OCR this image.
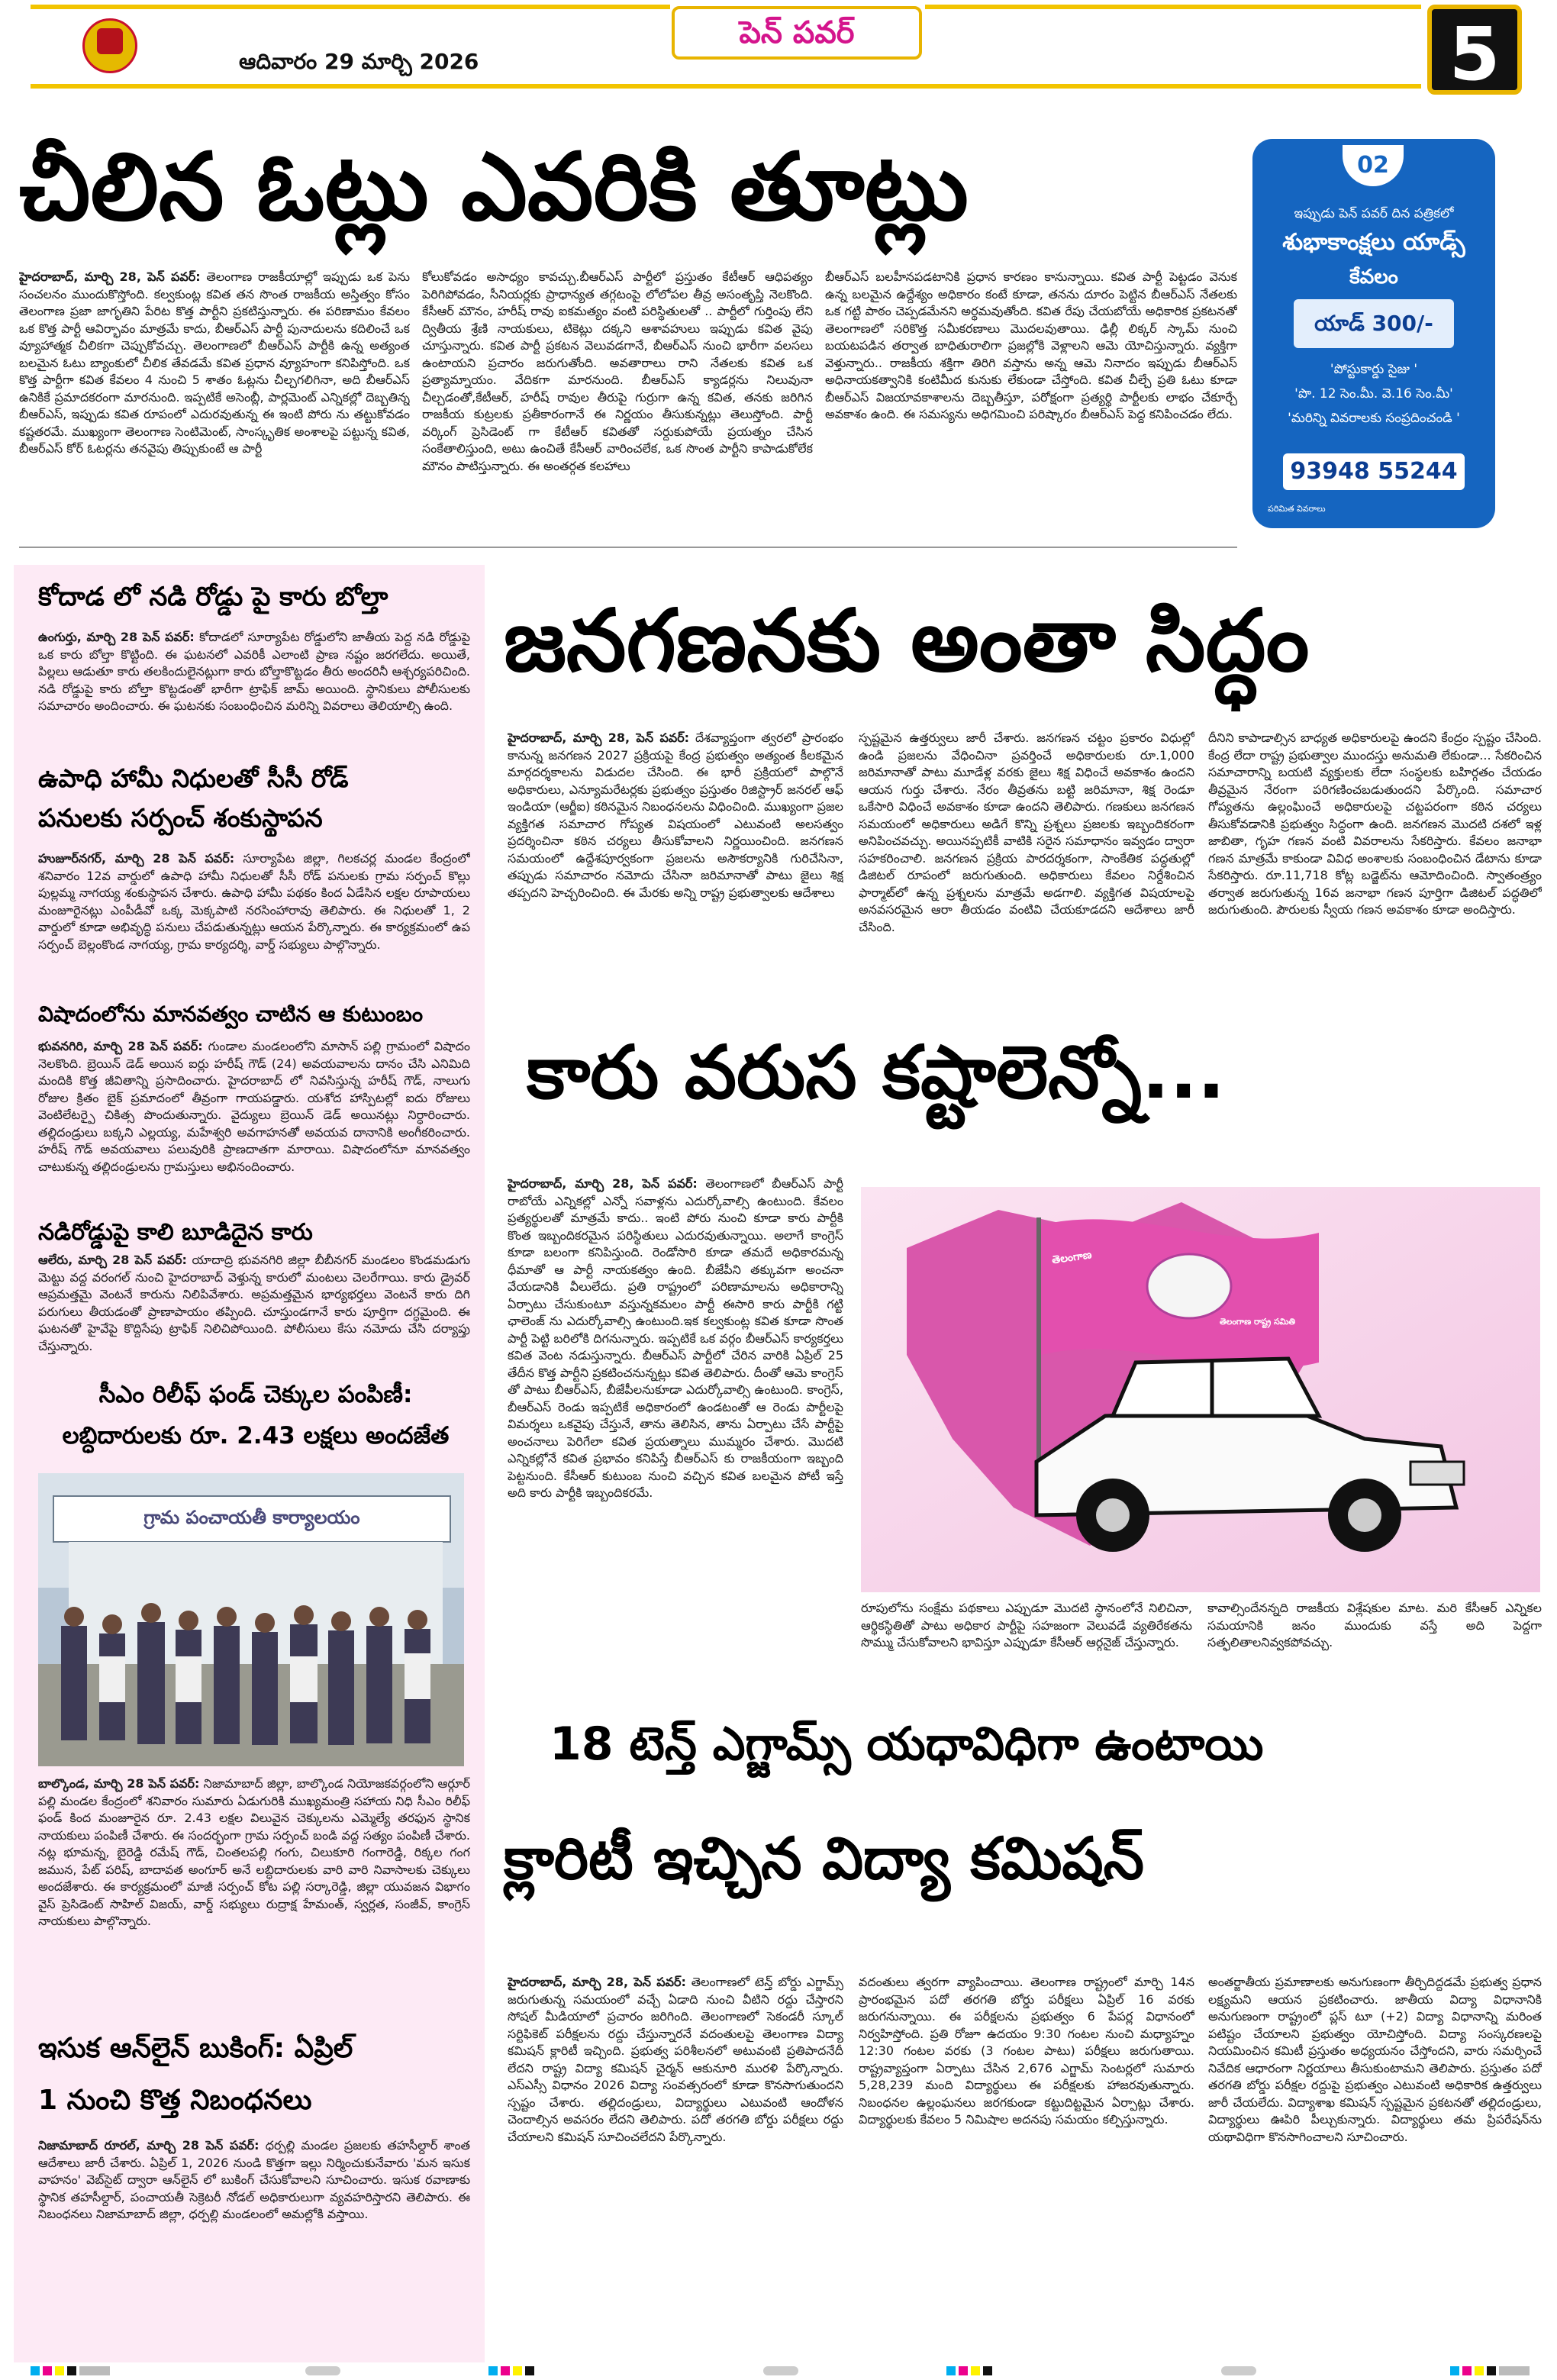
ఆదివారం 29 మార్చి 2026
పెన్ పవర్	5
చీలిన ఓట్లు ఎవరికి తూట్లు
హైదరాబాద్, మార్చి 28, పెన్ పవర్: తెలంగాణ రాజకీయాల్లో ఇప్పుడు ఒక పెను సంచలనం ముందుకొస్తోంది. కల్వకుంట్ల కవిత తన సొంత రాజకీయ అస్తిత్వం కోసం తెలంగాణ ప్రజా జాగృతిని పేరిట కొత్త పార్టీని ప్రకటిస్తున్నారు. ఈ పరిణామం కేవలం ఒక కొత్త పార్టీ ఆవిర్భావం మాత్రమే కాదు, బీఆర్ఎస్ పార్టీ పునాదులను కదిలించే ఒక వ్యూహాత్మక చీలికగా చెప్పుకోవచ్చు. తెలంగాణలో బీఆర్ఎస్ పార్టీకి ఉన్న అత్యంత బలమైన ఓటు బ్యాంకులో చీలిక తేవడమే కవిత ప్రధాన వ్యూహంగా కనిపిస్తోంది. ఒక కొత్త పార్టీగా కవిత కేవలం 4 నుంచి 5 శాతం ఓట్లను చీల్చగలిగినా, అది బీఆర్ఎస్ ఉనికికే ప్రమాదకరంగా మారనుంది. ఇప్పటికే అసెంబ్లీ, పార్లమెంట్ ఎన్నికల్లో దెబ్బతిన్న బీఆర్ఎస్, ఇప్పుడు కవిత రూపంలో ఎదురవుతున్న ఈ ఇంటి పోరు ను తట్టుకోవడం కష్టతరమే. ముఖ్యంగా తెలంగాణ సెంటిమెంట్, సాంస్కృతిక అంశాలపై పట్టున్న కవిత, బీఆర్ఎస్ కోర్ ఓటర్లను తనవైపు తిప్పుకుంటే ఆ పార్టీ
కోలుకోవడం అసాధ్యం కావచ్చు.బీఆర్ఎస్ పార్టీలో ప్రస్తుతం కేటీఆర్ ఆధిపత్యం పెరిగిపోవడం, సీనియర్లకు ప్రాధాన్యత తగ్గటంపై లోలోపల తీవ్ర అసంతృప్తి నెలకొంది. కేసీఆర్ మౌనం, హరీష్ రావు ఐకమత్యం వంటి పరిస్థితులతో .. పార్టీలో గుర్తింపు లేని ద్వితీయ శ్రేణి నాయకులు, టికెట్లు దక్కని ఆశావహులు ఇప్పుడు కవిత వైపు చూస్తున్నారు. కవిత పార్టీ ప్రకటన వెలువడగానే, బీఆర్ఎస్ నుంచి భారీగా వలసలు ఉంటాయని ప్రచారం జరుగుతోంది. అవతారాలు రాని నేతలకు కవిత ఒక ప్రత్యామ్నాయం. వేదికగా మారనుంది. బీఆర్ఎస్ క్యాడర్లను నిలువునా చీల్చడంతో,కేటీఆర్, హరీష్ రావుల తీరుపై గుర్రుగా ఉన్న కవిత, తనకు జరిగిన రాజకీయ కుట్రలకు ప్రతీకారంగానే ఈ నిర్ణయం తీసుకున్నట్లు తెలుస్తోంది. పార్టీ వర్కింగ్ ప్రెసిడెంట్ గా కేటీఆర్ కవితతో సర్దుకుపోయే ప్రయత్నం చేసిన సంకేతాలిస్తుంది, అటు ఉంచితే కేసీఆర్ వారించలేక, ఒక సొంత పార్టీని కాపాడుకోలేక మౌనం పాటిస్తున్నారు. ఈ అంతర్గత కలహాలు
బీఆర్ఎస్ బలహీనపడటానికి ప్రధాన కారణం కానున్నాయి. కవిత పార్టీ పెట్టడం వెనుక ఉన్న బలమైన ఉద్దేశ్యం అధికారం కంటే కూడా, తనను దూరం పెట్టిన బీఆర్ఎస్ నేతలకు ఒక గట్టి పాఠం చెప్పడమేనని అర్థమవుతోంది. కవిత రేపు చేయబోయే అధికారిక ప్రకటనతో తెలంగాణలో సరికొత్త సమీకరణాలు మొదలవుతాయి. ఢిల్లీ లిక్కర్ స్కామ్ నుంచి బయటపడిన తర్వాత బాధితురాలిగా ప్రజల్లోకి వెళ్లాలని ఆమె యోచిస్తున్నారు. వ్యక్తిగా వెళ్తున్నారు.. రాజకీయ శక్తిగా తిరిగి వస్తాను అన్న ఆమె నినాదం ఇప్పుడు బీఆర్ఎస్ అధినాయకత్వానికి కంటిమీద కునుకు లేకుండా చేస్తోంది. కవిత చీల్చే ప్రతి ఓటు కూడా బీఆర్ఎస్ విజయావకాశాలను దెబ్బతీస్తూ, పరోక్షంగా ప్రత్యర్థి పార్టీలకు లాభం చేకూర్చే అవకాశం ఉంది. ఈ సమస్యను అధిగమించి పరిష్కారం బీఆర్ఎస్ పెద్ద కనిపించడం లేదు.
02
ఇప్పుడు పెన్ పవర్ దిన పత్రికలో
శుభాకాంక్షలు యాడ్స్
కేవలం
యాడ్ 300/-
'పోస్టుకార్డు సైజు '
'పొ. 12 సెం.మీ. వె.16 సెం.మీ'
'మరిన్ని వివరాలకు సంప్రదించండి '
93948 55244
పరిమిత వివరాలు
కోదాడ లో నడి రోడ్డు పై కారు బోల్తా
ఉంగుర్తు, మార్చి 28 పెన్ పవర్: కోదాడలో సూర్యాపేట రోడ్డులోని జాతీయ పెద్ద నడి రోడ్డుపై ఒక కారు బోల్తా కొట్టింది. ఈ ఘటనలో ఎవరికీ ఎలాంటి ప్రాణ నష్టం జరగలేదు. అయితే, పిల్లలు ఆడుతూ కారు తలకిందులైనట్లుగా కారు బోల్తాకొట్టడం తీరు అందరినీ ఆశ్చర్యపరిచింది. నడి రోడ్డుపై కారు బోల్తా కొట్టడంతో భారీగా ట్రాఫిక్ జామ్ అయింది. స్థానికులు పోలీసులకు సమాచారం అందించారు. ఈ ఘటనకు సంబంధించిన మరిన్ని వివరాలు తెలియాల్సి ఉంది.
ఉపాధి హామీ నిధులతో సీసీ రోడ్
పనులకు సర్పంచ్ శంకుస్థాపన
హుజూర్‌నగర్, మార్చి 28 పెన్ పవర్: సూర్యాపేట జిల్లా, గిలకచర్ల మండల కేంద్రంలో శనివారం 12వ వార్డులో ఉపాధి హామీ నిధులతో సీసీ రోడ్ పనులకు గ్రామ సర్పంచ్ కొల్లు పుల్లమ్మ నాగయ్య శంకుస్థాపన చేశారు. ఉపాధి హామీ పథకం కింద ఏడేసిన లక్షల రూపాయలు మంజూరైనట్లు ఎంపీడీవో ఒక్క మెక్కపాటి నరసింహారావు తెలిపారు. ఈ నిధులతో 1, 2 వార్డులో కూడా అభివృద్ధి పనులు చేపడుతున్నట్లు ఆయన పేర్కొన్నారు. ఈ కార్యక్రమంలో ఉప సర్పంచ్ బెల్లంకొండ నాగయ్య, గ్రామ కార్యదర్శి, వార్డ్ సభ్యులు పాల్గొన్నారు.
విషాదంలోను మానవత్వం చాటిన ఆ కుటుంబం
భువనగిరి, మార్చి 28 పెన్ పవర్: గుండాల మండలంలోని మాసాన్ పల్లి గ్రామంలో విషాదం నెలకొంది. బ్రెయిన్ డెడ్ అయిన ఐర్లు హరీష్ గౌడ్ (24) అవయవాలను దానం చేసి ఎనిమిది మందికి కొత్త జీవితాన్ని ప్రసాదించారు. హైదరాబాద్ లో నివసిస్తున్న హరీష్ గౌడ్, నాలుగు రోజుల క్రితం బైక్ ప్రమాదంలో తీవ్రంగా గాయపడ్డారు. యశోద హాస్పిటల్లో ఐదు రోజులు వెంటిలేటర్పై చికిత్స పొందుతున్నారు. వైద్యులు బ్రెయిన్ డెడ్ అయినట్లు నిర్ధారించారు. తల్లిదండ్రులు బక్కని ఎల్లయ్య, మహేశ్వరి అవగాహనతో అవయవ దానానికి అంగీకరించారు. హరీష్ గౌడ్ అవయవాలు పలువురికి ప్రాణదాతగా మారాయి. విషాదంలోనూ మానవత్వం చాటుకున్న తల్లిదండ్రులను గ్రామస్తులు అభినందించారు.
నడిరోడ్డుపై కాలి బూడిదైన కారు
ఆలేరు, మార్చి 28 పెన్ పవర్: యాదాద్రి భువనగిరి జిల్లా బీబీనగర్ మండలం కొండమడుగు మెట్టు వద్ద వరంగల్ నుంచి హైదరాబాద్ వెళ్తున్న కారులో మంటలు చెలరేగాయి. కారు డ్రైవర్ ఆప్రమత్తమై వెంటనే కారును నిలిపివేశారు. అప్రమత్తమైన భార్యభర్తలు వెంటనే కారు దిగి పరుగులు తీయడంతో ప్రాణాపాయం తప్పింది. చూస్తుండగానే కారు పూర్తిగా దగ్ధమైంది. ఈ ఘటనతో హైవేపై కొద్దిసేపు ట్రాఫిక్ నిలిచిపోయింది. పోలీసులు కేసు నమోదు చేసి దర్యాప్తు చేస్తున్నారు.
సీఎం రిలీఫ్ ఫండ్ చెక్కుల పంపిణీ:
లబ్ధిదారులకు రూ. 2.43 లక్షలు అందజేత
గ్రామ పంచాయతీ కార్యాలయం
బాల్కొండ, మార్చి 28 పెన్ పవర్: నిజామాబాద్ జిల్లా, బాల్కొండ నియోజకవర్గంలోని ఆర్గూర్ పల్లి మండల కేంద్రంలో శనివారం సుమారు ఏడుగురికి ముఖ్యమంత్రి సహాయ నిధి సీఎం రిలీఫ్ ఫండ్ కింద మంజూరైన రూ. 2.43 లక్షల విలువైన చెక్కులను ఎమ్మెల్యే తరఫున స్థానిక నాయకులు పంపిణీ చేశారు. ఈ సందర్భంగా గ్రామ సర్పంచ్ బండి వద్ద సత్యం పంపిణీ చేశారు. నట్ల భూమన్న, బైరెడ్డి రమేష్ గౌడ్, చింతలపల్లి గంగు, చిలుకూరి గంగారెడ్డి, రిక్కల గంగ జమున, పేట్ పరిష్, బాదావత అంగూర్ అనే లబ్ధిదారులకు వారి వారి నివాసాలకు చెక్కులు అందజేశారు. ఈ కార్యక్రమంలో మాజీ సర్పంచ్ కోట పల్లి సర్కారెడ్డి, జిల్లా యువజన విభాగం వైస్ ప్రెసిడెంట్ సాహిల్ విజయ్, వార్డ్ సభ్యులు రుద్రాక్ష హేమంత్, స్వర్లత, సంజీవ్, కాంగ్రెస్ నాయకులు పాల్గొన్నారు.
ఇసుక ఆన్‌లైన్ బుకింగ్: ఏప్రిల్
1 నుంచి కొత్త నిబంధనలు
నిజామాబాద్ రూరల్, మార్చి 28 పెన్ పవర్: ధర్పల్లి మండల ప్రజలకు తహసీల్దార్ శాంత ఆదేశాలు జారీ చేశారు. ఏప్రిల్ 1, 2026 నుండి కొత్తగా ఇల్లు నిర్మించుకునేవారు 'మన ఇసుక వాహనం' వెబ్‌సైట్ ద్వారా ఆన్‌లైన్ లో బుకింగ్ చేసుకోవాలని సూచించారు. ఇసుక రవాణాకు స్థానిక తహసీల్దార్, పంచాయతీ సెక్రెటరీ నోడల్ అధికారులుగా వ్యవహరిస్తారని తెలిపారు. ఈ నిబంధనలు నిజామాబాద్ జిల్లా, ధర్పల్లి మండలంలో అమల్లోకి వస్తాయి.
జనగణనకు అంతా సిద్ధం
హైదరాబాద్, మార్చి 28, పెన్ పవర్: దేశవ్యాప్తంగా త్వరలో ప్రారంభం కానున్న జనగణన 2027 ప్రక్రియపై కేంద్ర ప్రభుత్వం అత్యంత కీలకమైన మార్గదర్శకాలను విడుదల చేసింది. ఈ భారీ ప్రక్రియలో పాల్గొనే అధికారులు, ఎన్యూమరేటర్లకు ప్రభుత్వం ప్రస్తుతం రిజిస్ట్రార్ జనరల్ ఆఫ్ ఇండియా (ఆర్జీఐ) కఠినమైన నిబంధనలను విధించింది. ముఖ్యంగా ప్రజల వ్యక్తిగత సమాచార గోప్యత విషయంలో ఎటువంటి అలసత్వం ప్రదర్శించినా కఠిన చర్యలు తీసుకోవాలని నిర్ణయించింది. జనగణన సమయంలో ఉద్దేశపూర్వకంగా ప్రజలను అసౌకర్యానికి గురిచేసినా, తప్పుడు సమాచారం నమోదు చేసినా జరిమానాతో పాటు జైలు శిక్ష తప్పదని హెచ్చరించింది. ఈ మేరకు అన్ని రాష్ట్ర ప్రభుత్వాలకు ఆదేశాలు
స్పష్టమైన ఉత్తర్వులు జారీ చేశారు. జనగణన చట్టం ప్రకారం విధుల్లో ఉండి ప్రజలను వేధించినా ప్రవర్తించే అధికారులకు రూ.1,000 జరిమానాతో పాటు మూడేళ్ల వరకు జైలు శిక్ష విధించే అవకాశం ఉందని ఆయన గుర్తు చేశారు. నేరం తీవ్రతను బట్టి జరిమానా, శిక్ష రెండూ ఒకేసారి విధించే అవకాశం కూడా ఉందని తెలిపారు. గణకులు జనగణన సమయంలో అధికారులు అడిగే కొన్ని ప్రశ్నలు ప్రజలకు ఇబ్బందికరంగా అనిపించవచ్చు. అయినప్పటికీ వాటికి సరైన సమాధానం ఇవ్వడం ద్వారా సహకరించాలి. జనగణన ప్రక్రియ పారదర్శకంగా, సాంకేతిక పద్ధతుల్లో డిజిటల్ రూపంలో జరుగుతుంది. అధికారులు కేవలం నిర్దేశించిన ఫార్మాట్‌లో ఉన్న ప్రశ్నలను మాత్రమే అడగాలి. వ్యక్తిగత విషయాలపై అనవసరమైన ఆరా తీయడం వంటివి చేయకూడదని ఆదేశాలు జారీ చేసింది.
దీనిని కాపాడాల్సిన బాధ్యత అధికారులపై ఉందని కేంద్రం స్పష్టం చేసింది. కేంద్ర లేదా రాష్ట్ర ప్రభుత్వాల ముందస్తు అనుమతి లేకుండా... సేకరించిన సమాచారాన్ని బయటి వ్యక్తులకు లేదా సంస్థలకు బహిర్గతం చేయడం తీవ్రమైన నేరంగా పరిగణించబడుతుందని పేర్కొంది. సమాచార గోప్యతను ఉల్లంఘించే అధికారులపై చట్టపరంగా కఠిన చర్యలు తీసుకోవడానికి ప్రభుత్వం సిద్ధంగా ఉంది. జనగణన మొదటి దశలో ఇళ్ల జాబితా, గృహ గణన వంటి వివరాలను సేకరిస్తారు. కేవలం జనాభా గణన మాత్రమే కాకుండా వివిధ అంశాలకు సంబంధించిన డేటాను కూడా సేకరిస్తారు. రూ.11,718 కోట్ల బడ్జెట్‌ను ఆమోదించింది. స్వాతంత్ర్యం తర్వాత జరుగుతున్న 16వ జనాభా గణన పూర్తిగా డిజిటల్ పద్ధతిలో జరుగుతుంది. పౌరులకు స్వీయ గణన అవకాశం కూడా అందిస్తారు.
కారు వరుస కష్టాలెన్నో...
హైదరాబాద్, మార్చి 28, పెన్ పవర్: తెలంగాణలో బీఆర్ఎస్ పార్టీ రాబోయే ఎన్నికల్లో ఎన్నో సవాళ్లను ఎదుర్కోవాల్సి ఉంటుంది. కేవలం ప్రత్యర్థులతో మాత్రమే కాదు.. ఇంటి పోరు నుంచి కూడా కారు పార్టీకి కొంత ఇబ్బందికరమైన పరిస్థితులు ఎదురవుతున్నాయి. అలాగే కాంగ్రెస్ కూడా బలంగా కనిపిస్తుంది. రెండోసారి కూడా తమదే అధికారమన్న ధీమాతో ఆ పార్టీ నాయకత్వం ఉంది. బీజేపీని తక్కువగా అంచనా వేయడానికి వీలులేదు. ప్రతి రాష్ట్రంలో పరిణామాలను అధికారాన్ని ఏర్పాటు చేసుకుంటూ వస్తున్నకమలం పార్టీ ఈసారి కారు పార్టీకి గట్టి ఛాలెంజ్ ను ఎదుర్కోవాల్సి ఉంటుంది.ఇక కల్వకుంట్ల కవిత కూడా సొంత పార్టీ పెట్టి బరిలోకి దిగనున్నారు. ఇప్పటికే ఒక వర్గం బీఆర్ఎస్ కార్యకర్తలు కవిత వెంట నడుస్తున్నారు. బీఆర్ఎస్ పార్టీలో చేరిన వారికి ఏప్రిల్ 25 తేదీన కొత్త పార్టీని ప్రకటించనున్నట్లు కవిత తెలిపారు. దీంతో ఆమె కాంగ్రెస్ తో పాటు బీఆర్ఎస్, బీజేపీలనుకూడా ఎదుర్కోవాల్సి ఉంటుంది. కాంగ్రెస్, బీఆర్ఎస్ రెండు ఇప్పటికే అధికారంలో ఉండటంతో ఆ రెండు పార్టీలపై విమర్శలు ఒకవైపు చేస్తునే, తాను తెలిసిన, తాను ఏర్పాటు చేసే పార్టీపై అంచనాలు పెరిగేలా కవిత ప్రయత్నాలు ముమ్మరం చేశారు. మొదటి ఎన్నికల్లోనే కవిత ప్రభావం కనిపిస్తే బీఆర్ఎస్ కు రాజకీయంగా ఇబ్బంది పెట్టనుంది. కేసీఆర్ కుటుంబ నుంచి వచ్చిన కవిత బలమైన పోటీ ఇస్తే అది కారు పార్టీకి ఇబ్బందికరమే.
తెలంగాణ
తెలంగాణ రాష్ట్ర సమితి
రూపులోను సంక్షేమ పథకాలు ఎప్పుడూ మొదటి స్థానంలోనే నిలిచినా, ఆర్థికస్థితితో పాటు అధికార పార్టీపై సహజంగా వెలువడే వ్యతిరేకతను సొమ్ము చేసుకోవాలని భావిస్తూ ఎప్పుడూ కేసీఆర్ ఆర్గనైజ్ చేస్తున్నారు.
కావాల్సిందేనన్నది రాజకీయ విశ్లేషకుల మాట. మరి కేసీఆర్ ఎన్నికల సమయానికి జనం ముందుకు వస్తే అది పెద్దగా సత్ఫలితాలనివ్వకపోవచ్చు.
18 టెన్త్ ఎగ్జామ్స్ యధావిధిగా ఉంటాయి
క్లారిటీ ఇచ్చిన విద్యా కమిషన్
హైదరాబాద్, మార్చి 28, పెన్ పవర్: తెలంగాణలో టెన్త్ బోర్డు ఎగ్జామ్స్ జరుగుతున్న సమయంలో వచ్చే ఏడాది నుంచి వీటిని రద్దు చేస్తారని సోషల్ మీడియాలో ప్రచారం జరిగింది. తెలంగాణలో సెకండరీ స్కూల్ సర్టిఫికెట్ పరీక్షలను రద్దు చేస్తున్నారనే వదంతులపై తెలంగాణ విద్యా కమిషన్ క్లారిటీ ఇచ్చింది. ప్రభుత్వ పరిశీలనలో అటువంటి ప్రతిపాదనేదీ లేదని రాష్ట్ర విద్యా కమిషన్ చైర్మన్ ఆకునూరి మురళి పేర్కొన్నారు. ఎస్ఎస్సీ విధానం 2026 విద్యా సంవత్సరంలో కూడా కొనసాగుతుందని స్పష్టం చేశారు. తల్లిదండ్రులు, విద్యార్థులు ఎటువంటి ఆందోళన చెందాల్సిన అవసరం లేదని తెలిపారు. పదో తరగతి బోర్డు పరీక్షలు రద్దు చేయాలని కమిషన్ సూచించలేదని పేర్కొన్నారు.
వదంతులు త్వరగా వ్యాపించాయి. తెలంగాణ రాష్ట్రంలో మార్చి 14న ప్రారంభమైన పదో తరగతి బోర్డు పరీక్షలు ఏప్రిల్ 16 వరకు జరుగనున్నాయి. ఈ పరీక్షలను ప్రభుత్వం 6 పేపర్ల విధానంలో నిర్వహిస్తోంది. ప్రతి రోజూ ఉదయం 9:30 గంటల నుంచి మధ్యాహ్నం 12:30 గంటల వరకు (3 గంటల పాటు) పరీక్షలు జరుగుతాయి. రాష్ట్రవ్యాప్తంగా ఏర్పాటు చేసిన 2,676 ఎగ్జామ్ సెంటర్లలో సుమారు 5,28,239 మంది విద్యార్థులు ఈ పరీక్షలకు హాజరవుతున్నారు. నిబంధనల ఉల్లంఘనలు జరగకుండా కట్టుదిట్టమైన ఏర్పాట్లు చేశారు. విద్యార్థులకు కేవలం 5 నిమిషాల అదనపు సమయం కల్పిస్తున్నారు.
అంతర్జాతీయ ప్రమాణాలకు అనుగుణంగా తీర్చిదిద్దడమే ప్రభుత్వ ప్రధాన లక్ష్యమని ఆయన ప్రకటించారు. జాతీయ విద్యా విధానానికి అనుగుణంగా రాష్ట్రంలో ప్లస్ టూ (+2) విద్యా విధానాన్ని మరింత పటిష్టం చేయాలని ప్రభుత్వం యోచిస్తోంది. విద్యా సంస్కరణలపై నియమించిన కమిటీ ప్రస్తుతం అధ్యయనం చేస్తోందని, వారు సమర్పించే నివేదిక ఆధారంగా నిర్ణయాలు తీసుకుంటామని తెలిపారు. ప్రస్తుతం పదో తరగతి బోర్డు పరీక్షల రద్దుపై ప్రభుత్వం ఎటువంటి అధికారిక ఉత్తర్వులు జారీ చేయలేదు. విద్యాశాఖ కమిషన్ స్పష్టమైన ప్రకటనతో తల్లిదండ్రులు, విద్యార్థులు ఊపిరి పీల్చుకున్నారు. విద్యార్థులు తమ ప్రిపరేషన్‌ను యథావిధిగా కొనసాగించాలని సూచించారు.
